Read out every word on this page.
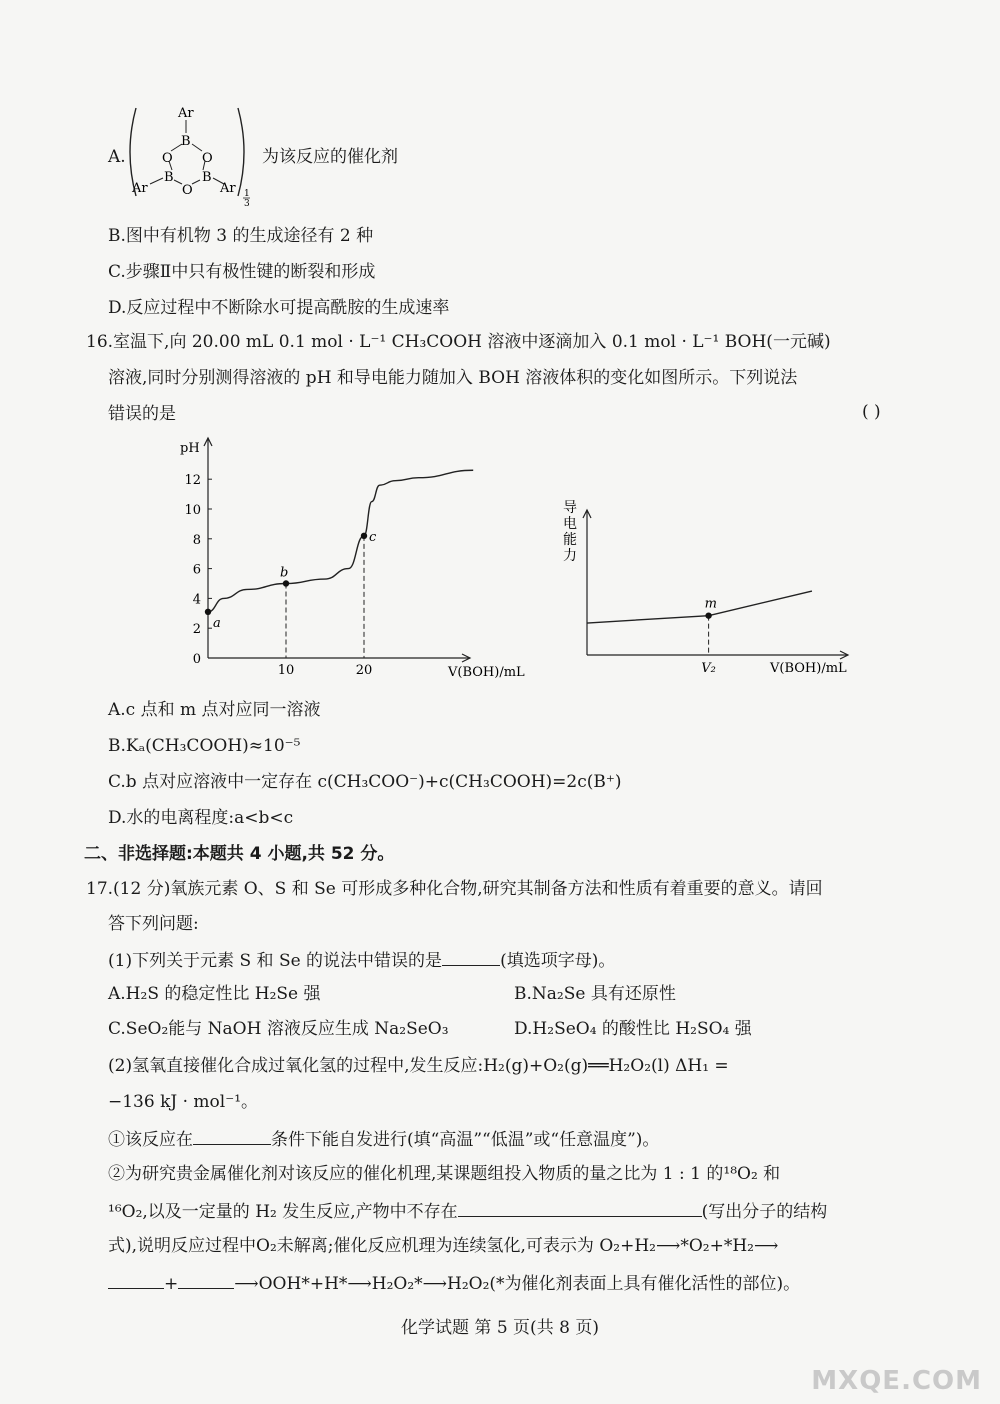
A.
Ar
B
O O
B B
O
Ar	Ar 1
3
为该反应的催化剂
B.图中有机物 3 的生成途径有 2 种
C.步骤Ⅱ中只有极性键的断裂和形成
D.反应过程中不断除水可提高酰胺的生成速率
16.室温下,向 20.00 mL 0.1 mol · L⁻¹ CH₃COOH 溶液中逐滴加入 0.1 mol · L⁻¹ BOH(一元碱)
溶液,同时分别测得溶液的 pH 和导电能力随加入 BOH 溶液体积的变化如图所示。下列说法
错误的是	( )
pH
0
2
4
6
8
10
12
10	20	V(BOH)/mL
a
b
c
导
电
能
力
m
V₂	V(BOH)/mL
A.c 点和 m 点对应同一溶液
B.Kₐ(CH₃COOH)≈10⁻⁵
C.b 点对应溶液中一定存在 c(CH₃COO⁻)+c(CH₃COOH)=2c(B⁺)
D.水的电离程度:a<b<c
二、非选择题:本题共 4 小题,共 52 分。
17.(12 分)氧族元素 O、S 和 Se 可形成多种化合物,研究其制备方法和性质有着重要的意义。请回
答下列问题:
(1)下列关于元素 S 和 Se 的说法中错误的是	(填选项字母)。
A.H₂S 的稳定性比 H₂Se 强	B.Na₂Se 具有还原性
C.SeO₂能与 NaOH 溶液反应生成 Na₂SeO₃	D.H₂SeO₄ 的酸性比 H₂SO₄ 强
(2)氢氧直接催化合成过氧化氢的过程中,发生反应:H₂(g)+O₂(g)══H₂O₂(l) ΔH₁ =
−136 kJ · mol⁻¹。
①该反应在	条件下能自发进行(填“高温”“低温”或“任意温度”)。
②为研究贵金属催化剂对该反应的催化机理,某课题组投入物质的量之比为 1 : 1 的¹⁸O₂ 和
¹⁶O₂,以及一定量的 H₂ 发生反应,产物中不存在	(写出分子的结构
式),说明反应过程中O₂未解离;催化反应机理为连续氢化,可表示为 O₂+H₂⟶*O₂+*H₂⟶
+	⟶OOH*+H*⟶H₂O₂*⟶H₂O₂(*为催化剂表面上具有催化活性的部位)。
化学试题 第 5 页(共 8 页)
MXQE.COM
